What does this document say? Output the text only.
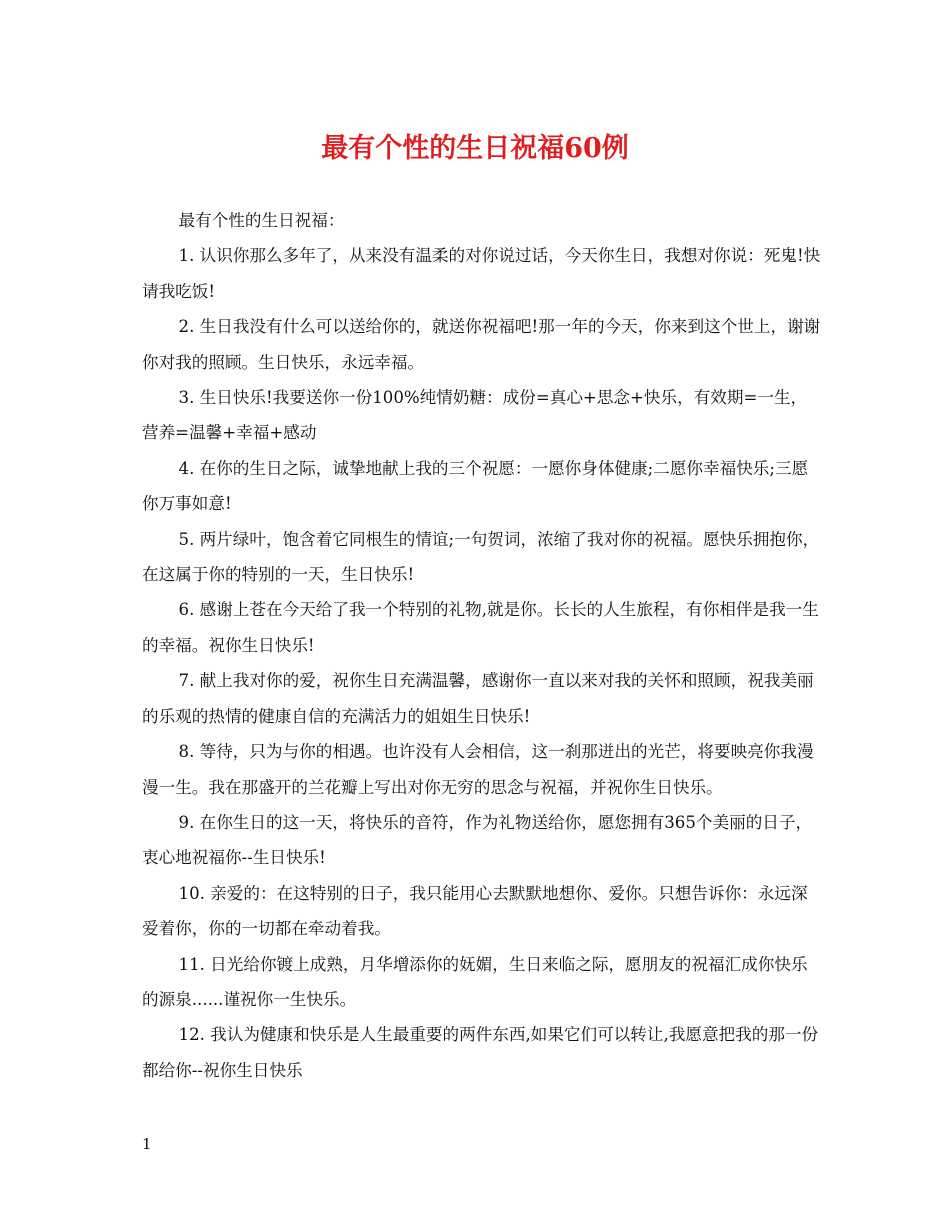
最有个性的生日祝福60例

最有个性的生日祝福：

1. 认识你那么多年了，从来没有温柔的对你说过话，今天你生日，我想对你说：死鬼!快请我吃饭!

2. 生日我没有什么可以送给你的，就送你祝福吧!那一年的今天，你来到这个世上，谢谢你对我的照顾。生日快乐，永远幸福。

3. 生日快乐!我要送你一份100%纯情奶糖：成份=真心+思念+快乐，有效期=一生，营养=温馨+幸福+感动

4. 在你的生日之际，诚挚地献上我的三个祝愿：一愿你身体健康;二愿你幸福快乐;三愿你万事如意!

5. 两片绿叶，饱含着它同根生的情谊;一句贺词，浓缩了我对你的祝福。愿快乐拥抱你，在这属于你的特别的一天，生日快乐!

6. 感谢上苍在今天给了我一个特别的礼物,就是你。长长的人生旅程，有你相伴是我一生的幸福。祝你生日快乐!

7. 献上我对你的爱，祝你生日充满温馨，感谢你一直以来对我的关怀和照顾，祝我美丽的乐观的热情的健康自信的充满活力的姐姐生日快乐!

8. 等待，只为与你的相遇。也许没有人会相信，这一刹那迸出的光芒，将要映亮你我漫漫一生。我在那盛开的兰花瓣上写出对你无穷的思念与祝福，并祝你生日快乐。

9. 在你生日的这一天，将快乐的音符，作为礼物送给你，愿您拥有365个美丽的日子，衷心地祝福你--生日快乐!

10. 亲爱的：在这特别的日子，我只能用心去默默地想你、爱你。只想告诉你：永远深爱着你，你的一切都在牵动着我。

11. 日光给你镀上成熟，月华增添你的妩媚，生日来临之际，愿朋友的祝福汇成你快乐的源泉......谨祝你一生快乐。

12. 我认为健康和快乐是人生最重要的两件东西,如果它们可以转让,我愿意把我的那一份都给你--祝你生日快乐

1
